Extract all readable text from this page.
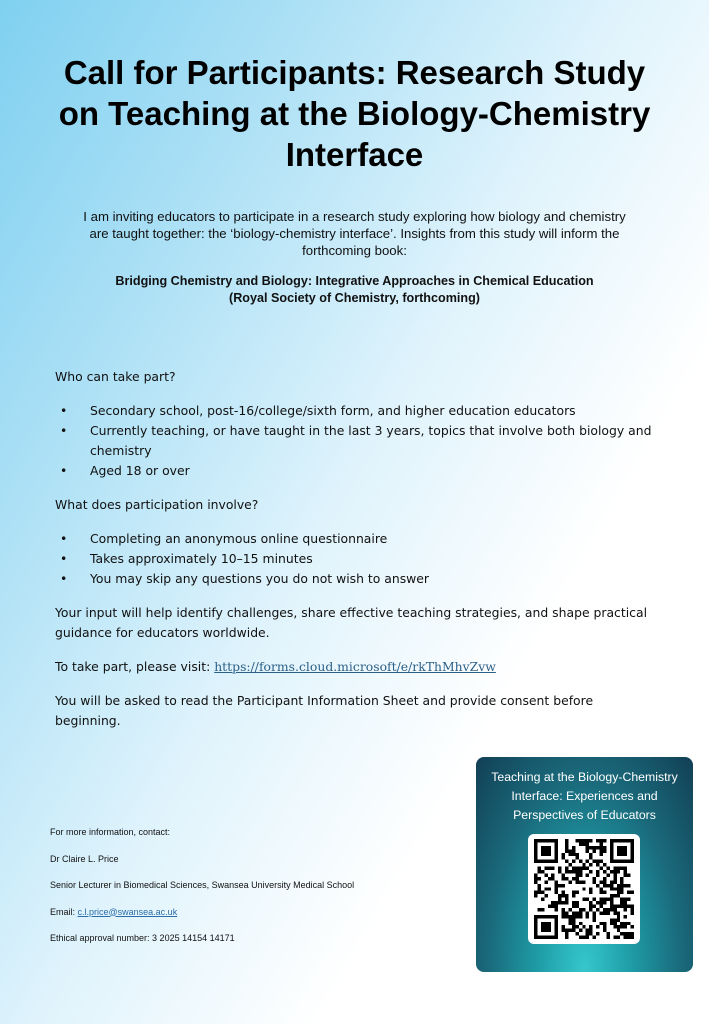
Call for Participants: Research Study on Teaching at the Biology-Chemistry Interface

I am inviting educators to participate in a research study exploring how biology and chemistry are taught together: the ‘biology-chemistry interface’. Insights from this study will inform the forthcoming book:

Bridging Chemistry and Biology: Integrative Approaches in Chemical Education
(Royal Society of Chemistry, forthcoming)

Who can take part?

• Secondary school, post-16/college/sixth form, and higher education educators
• Currently teaching, or have taught in the last 3 years, topics that involve both biology and chemistry
• Aged 18 or over

What does participation involve?

• Completing an anonymous online questionnaire
• Takes approximately 10–15 minutes
• You may skip any questions you do not wish to answer

Your input will help identify challenges, share effective teaching strategies, and shape practical guidance for educators worldwide.

To take part, please visit: https://forms.cloud.microsoft/e/rkThMhvZvw

You will be asked to read the Participant Information Sheet and provide consent before beginning.

For more information, contact:

Dr Claire L. Price

Senior Lecturer in Biomedical Sciences, Swansea University Medical School

Email: c.l.price@swansea.ac.uk

Ethical approval number: 3 2025 14154 14171

Teaching at the Biology-Chemistry Interface: Experiences and Perspectives of Educators
